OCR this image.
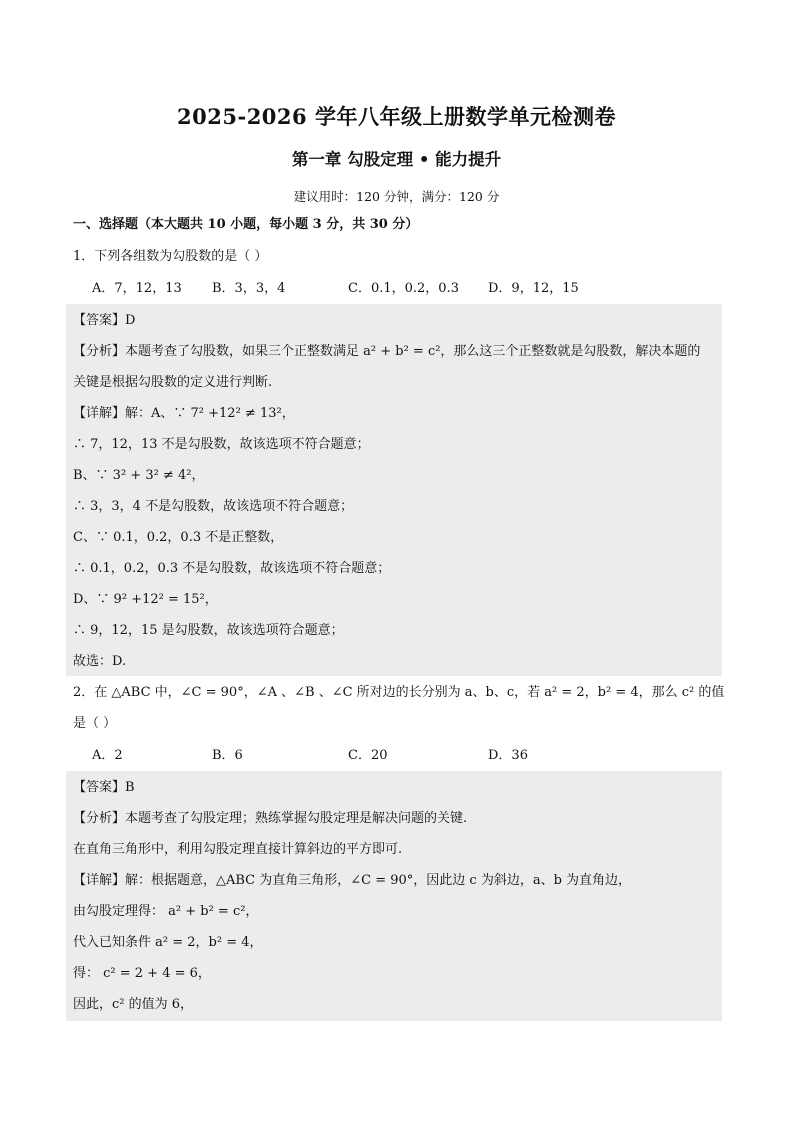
2025-2026 学年八年级上册数学单元检测卷
第一章 勾股定理 • 能力提升
建议用时：120 分钟，满分：120 分
一、选择题（本大题共 10 小题，每小题 3 分，共 30 分）
1．下列各组数为勾股数的是（ ）
A．7，12，13 B．3，3，4	C．0.1，0.2，0.3 D．9，12，15
【答案】D
【分析】本题考查了勾股数，如果三个正整数满足 a² + b² = c²，那么这三个正整数就是勾股数，解决本题的
关键是根据勾股数的定义进行判断.
【详解】解：A、∵ 7² +12² ≠ 13²，
∴ 7，12，13 不是勾股数，故该选项不符合题意；
B、∵ 3² + 3² ≠ 4²，
∴ 3，3，4 不是勾股数，故该选项不符合题意；
C、∵ 0.1，0.2，0.3 不是正整数，
∴ 0.1，0.2，0.3 不是勾股数，故该选项不符合题意；
D、∵ 9² +12² = 15²，
∴ 9，12，15 是勾股数，故该选项符合题意；
故选：D.
2．在 △ABC 中，∠C = 90°，∠A 、∠B 、∠C 所对边的长分别为 a、b、c，若 a² = 2，b² = 4，那么 c² 的值
是（ ）
A．2	B．6	C．20	D．36
【答案】B
【分析】本题考查了勾股定理；熟练掌握勾股定理是解决问题的关键.
在直角三角形中，利用勾股定理直接计算斜边的平方即可.
【详解】解：根据题意，△ABC 为直角三角形，∠C = 90°，因此边 c 为斜边，a、b 为直角边，
由勾股定理得： a² + b² = c²，
代入已知条件 a² = 2，b² = 4，
得： c² = 2 + 4 = 6，
因此，c² 的值为 6，
